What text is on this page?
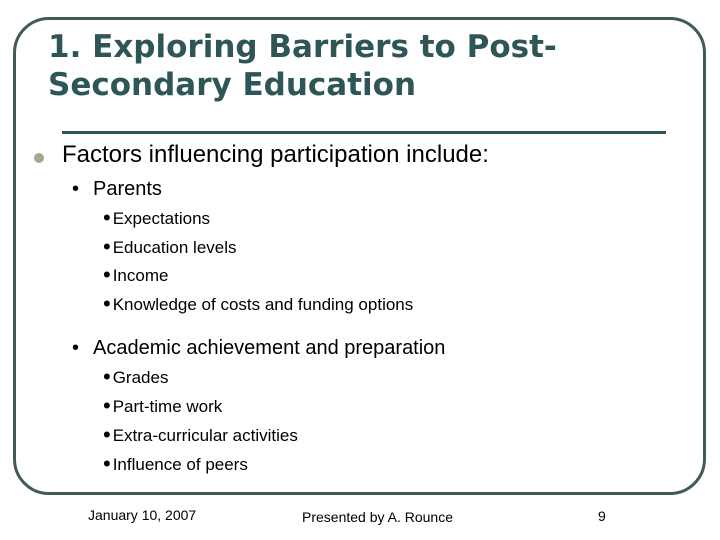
1. Exploring Barriers to Post-
Secondary Education
Factors influencing participation include:
• Parents
• Expectations
• Education levels
• Income
• Knowledge of costs and funding options
• Academic achievement and preparation
• Grades
• Part-time work
• Extra-curricular activities
• Influence of peers
January 10, 2007	Presented by A. Rounce	9
